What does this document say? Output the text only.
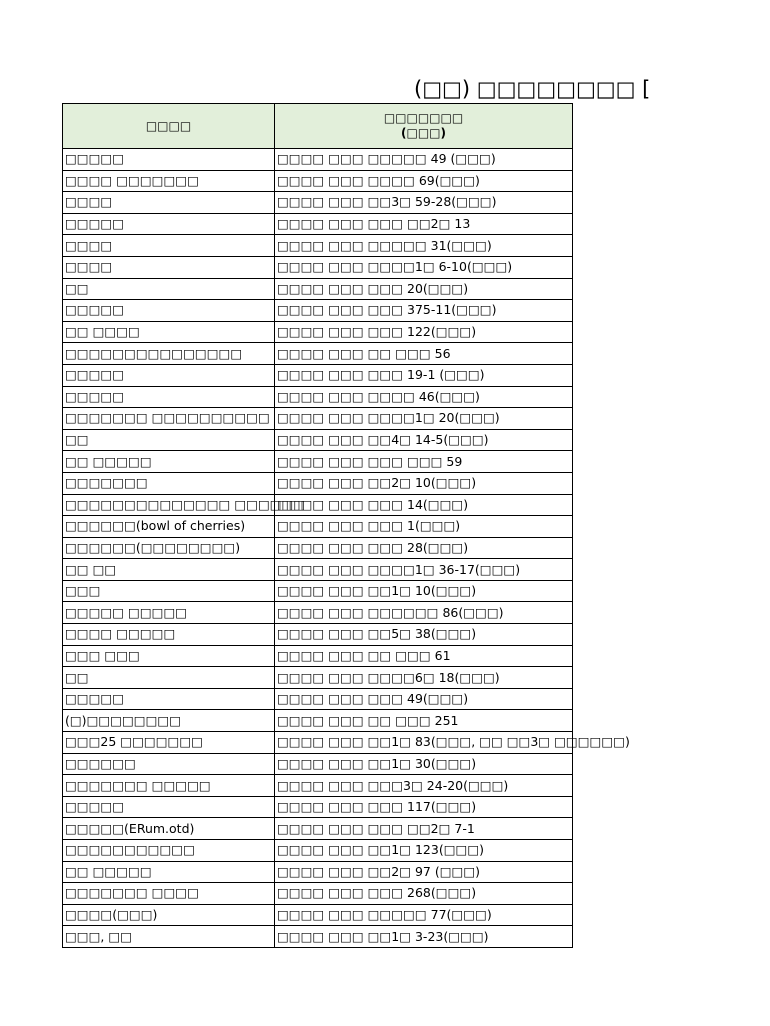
(□□) □□□□□□□□ [
□□□□	□□□□□□□
(□□□)

□□□□□	□□□□ □□□ □□□□□ 49 (□□□)
□□□□ □□□□□□□	□□□□ □□□ □□□□ 69(□□□)
□□□□	□□□□ □□□ □□3□ 59-28(□□□)
□□□□□	□□□□ □□□ □□□ □□2□ 13
□□□□	□□□□ □□□ □□□□□ 31(□□□)
□□□□	□□□□ □□□ □□□□1□ 6-10(□□□)
□□	□□□□ □□□ □□□ 20(□□□)
□□□□□	□□□□ □□□ □□□ 375-11(□□□)
□□ □□□□	□□□□ □□□ □□□ 122(□□□)
□□□□□□□□□□□□□□□	□□□□ □□□ □□ □□□ 56
□□□□□	□□□□ □□□ □□□ 19-1 (□□□)
□□□□□	□□□□ □□□ □□□□ 46(□□□)
□□□□□□□ □□□□□□□□□□	□□□□ □□□ □□□□1□ 20(□□□)
□□	□□□□ □□□ □□4□ 14-5(□□□)
□□ □□□□□	□□□□ □□□ □□□ □□□ 59
□□□□□□□	□□□□ □□□ □□2□ 10(□□□)
□□□□□□□□□□□□□□ □□□□□□	□□□□ □□□ □□□ 14(□□□)
□□□□□□(bowl of cherries)	□□□□ □□□ □□□ 1(□□□)
□□□□□□(□□□□□□□□)	□□□□ □□□ □□□ 28(□□□)
□□ □□	□□□□ □□□ □□□□1□ 36-17(□□□)
□□□	□□□□ □□□ □□1□ 10(□□□)
□□□□□ □□□□□	□□□□ □□□ □□□□□□ 86(□□□)
□□□□ □□□□□	□□□□ □□□ □□5□ 38(□□□)
□□□ □□□	□□□□ □□□ □□ □□□ 61
□□	□□□□ □□□ □□□□6□ 18(□□□)
□□□□□	□□□□ □□□ □□□ 49(□□□)
(□)□□□□□□□□	□□□□ □□□ □□ □□□ 251
□□□25 □□□□□□□	□□□□ □□□ □□1□ 83(□□□, □□ □□3□ □□□□□□)
□□□□□□	□□□□ □□□ □□1□ 30(□□□)
□□□□□□□ □□□□□	□□□□ □□□ □□□3□ 24-20(□□□)
□□□□□	□□□□ □□□ □□□ 117(□□□)
□□□□□(ERum.otd)	□□□□ □□□ □□□ □□2□ 7-1
□□□□□□□□□□□	□□□□ □□□ □□1□ 123(□□□)
□□ □□□□□	□□□□ □□□ □□2□ 97 (□□□)
□□□□□□□ □□□□	□□□□ □□□ □□□ 268(□□□)
□□□□(□□□)	□□□□ □□□ □□□□□ 77(□□□)
□□□, □□	□□□□ □□□ □□1□ 3-23(□□□)
